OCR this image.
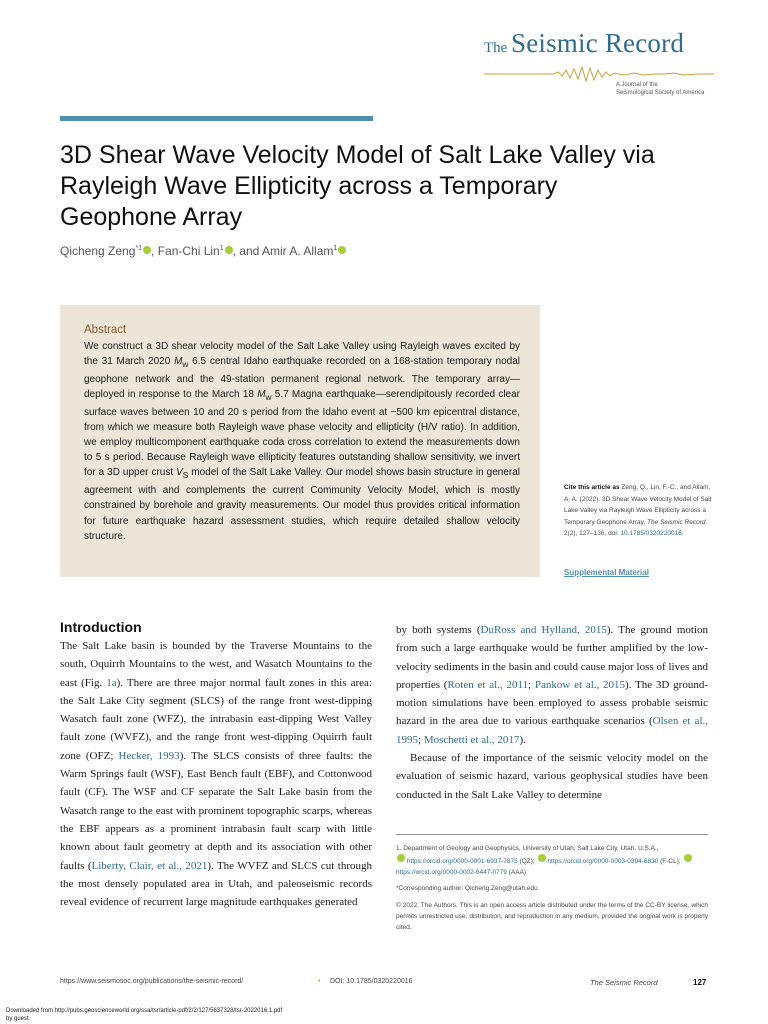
The Seismic Record
A Journal of the
Seismological Society of America
3D Shear Wave Velocity Model of Salt Lake Valley via Rayleigh Wave Ellipticity across a Temporary Geophone Array
Qicheng Zeng$^{*1}$ , Fan-Chi Lin$^1$ , and Amir A. Allam$^1$
Abstract

We construct a 3D shear velocity model of the Salt Lake Valley using Rayleigh waves excited by the 31 March 2020 $M_w$ 6.5 central Idaho earthquake recorded on a 168-station temporary nodal geophone network and the 49-station permanent regional network. The temporary array—deployed in response to the March 18 $M_w$ 5.7 Magna earthquake—serendipitously recorded clear surface waves between 10 and 20 s period from the Idaho event at ~500 km epicentral distance, from which we measure both Rayleigh wave phase velocity and ellipticity (H/V ratio). In addition, we employ multicomponent earthquake coda cross correlation to extend the measurements down to 5 s period. Because Rayleigh wave ellipticity features outstanding shallow sensitivity, we invert for a 3D upper crust $V_S$ model of the Salt Lake Valley. Our model shows basin structure in general agreement with and complements the current Community Velocity Model, which is mostly constrained by borehole and gravity measurements. Our model thus provides critical information for future earthquake hazard assessment studies, which require detailed shallow velocity structure.

Cite this article as Zeng, Q., Lin, F.-C., and Allam, A. A. (2022). 3D Shear Wave Velocity Model of Salt Lake Valley via Rayleigh Wave Ellipticity across a Temporary Geophone Array, The Seismic Record. 2(2), 127–136, doi: 10.1785/0320220016.

Supplemental Material
Introduction

The Salt Lake basin is bounded by the Traverse Mountains to the south, Oquirrh Mountains to the west, and Wasatch Mountains to the east (Fig. 1a). There are three major normal fault zones in this area: the Salt Lake City segment (SLCS) of the range front west-dipping Wasatch fault zone (WFZ), the intrabasin east-dipping West Valley fault zone (WVFZ), and the range front west-dipping Oquirrh fault zone (OFZ; Hecker, 1993). The SLCS consists of three faults: the Warm Springs fault (WSF), East Bench fault (EBF), and Cottonwood fault (CF). The WSF and CF separate the Salt Lake basin from the Wasatch range to the east with prominent topographic scarps, whereas the EBF appears as a prominent intrabasin fault scarp with little known about fault geometry at depth and its association with other faults (Liberty, Clair, et al., 2021). The WVFZ and SLCS cut through the most densely populated area in Utah, and paleoseismic records reveal evidence of recurrent large magnitude earthquakes generated

by both systems (DuRoss and Hylland, 2015). The ground motion from such a large earthquake would be further amplified by the low-velocity sediments in the basin and could cause major loss of lives and properties (Roten et al., 2011; Pankow et al., 2015). The 3D ground-motion simulations have been employed to assess probable seismic hazard in the area due to various earthquake scenarios (Olsen et al., 1995; Moschetti et al., 2017).

Because of the importance of the seismic velocity model on the evaluation of seismic hazard, various geophysical studies have been conducted in the Salt Lake Valley to determine

1. Department of Geology and Geophysics, University of Utah, Salt Lake City, Utah, U.S.A.,
https://orcid.org/0000-0001-6937-7875 (QZ);  https://orcid.org/0000-0003-0394-6830 (F-CL);  https://orcid.org/0000-0002-6447-0779 (AAA)
*Corresponding author: Qicheng.Zeng@utah.edu
© 2022. The Authors. This is an open access article distributed under the terms of the CC-BY license, which permits unrestricted use, distribution, and reproduction in any medium, provided the original work is properly cited.
https://www.seismosoc.org/publications/the-seismic-record/	• DOI: 10.1785/0320220016	The Seismic Record	127
Downloaded from http://pubs.geoscienceworld.org/ssa/tsr/article-pdf/2/2/127/5637328/tsr-2022016.1.pdf
by guest
